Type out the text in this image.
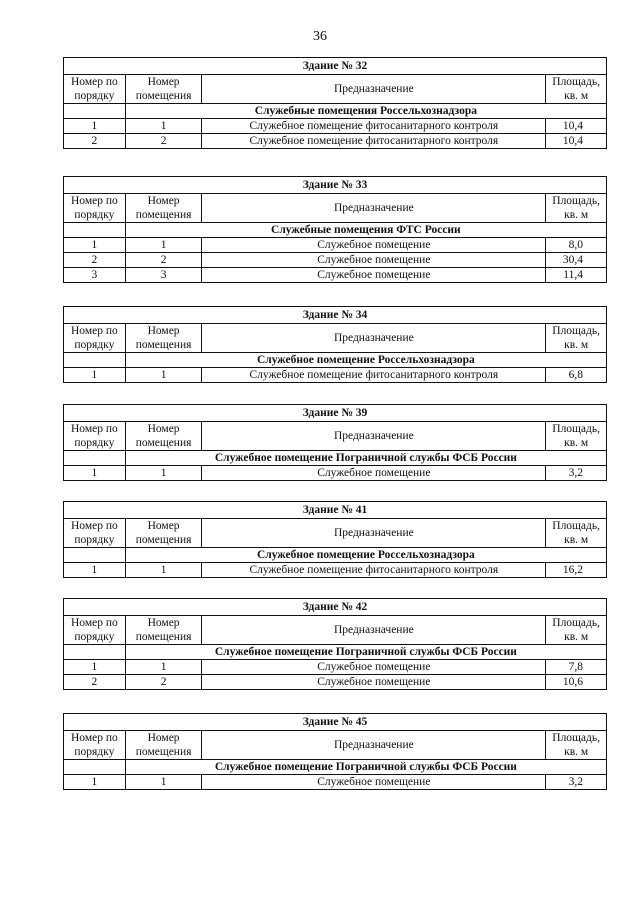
36
Здание № 32			
Номер по порядку	Номер помещения	Предназначение	Площадь, кв. м
	Служебные помещения Россельхознадзора		
1	1	Служебное помещение фитосанитарного контроля	10,4
2	2	Служебное помещение фитосанитарного контроля	10,4
Здание № 33			
Номер по порядку	Номер помещения	Предназначение	Площадь, кв. м
	Служебные помещения ФТС России		
1	1	Служебное помещение	8,0
2	2	Служебное помещение	30,4
3	3	Служебное помещение	11,4
Здание № 34			
Номер по порядку	Номер помещения	Предназначение	Площадь, кв. м
	Служебное помещение Россельхознадзора		
1	1	Служебное помещение фитосанитарного контроля	6,8
Здание № 39			
Номер по порядку	Номер помещения	Предназначение	Площадь, кв. м
	Служебное помещение Пограничной службы ФСБ России		
1	1	Служебное помещение	3,2
Здание № 41			
Номер по порядку	Номер помещения	Предназначение	Площадь, кв. м
	Служебное помещение Россельхознадзора		
1	1	Служебное помещение фитосанитарного контроля	16,2
Здание № 42			
Номер по порядку	Номер помещения	Предназначение	Площадь, кв. м
	Служебное помещение Пограничной службы ФСБ России		
1	1	Служебное помещение	7,8
2	2	Служебное помещение	10,6
Здание № 45			
Номер по порядку	Номер помещения	Предназначение	Площадь, кв. м
	Служебное помещение Пограничной службы ФСБ России		
1	1	Служебное помещение	3,2
